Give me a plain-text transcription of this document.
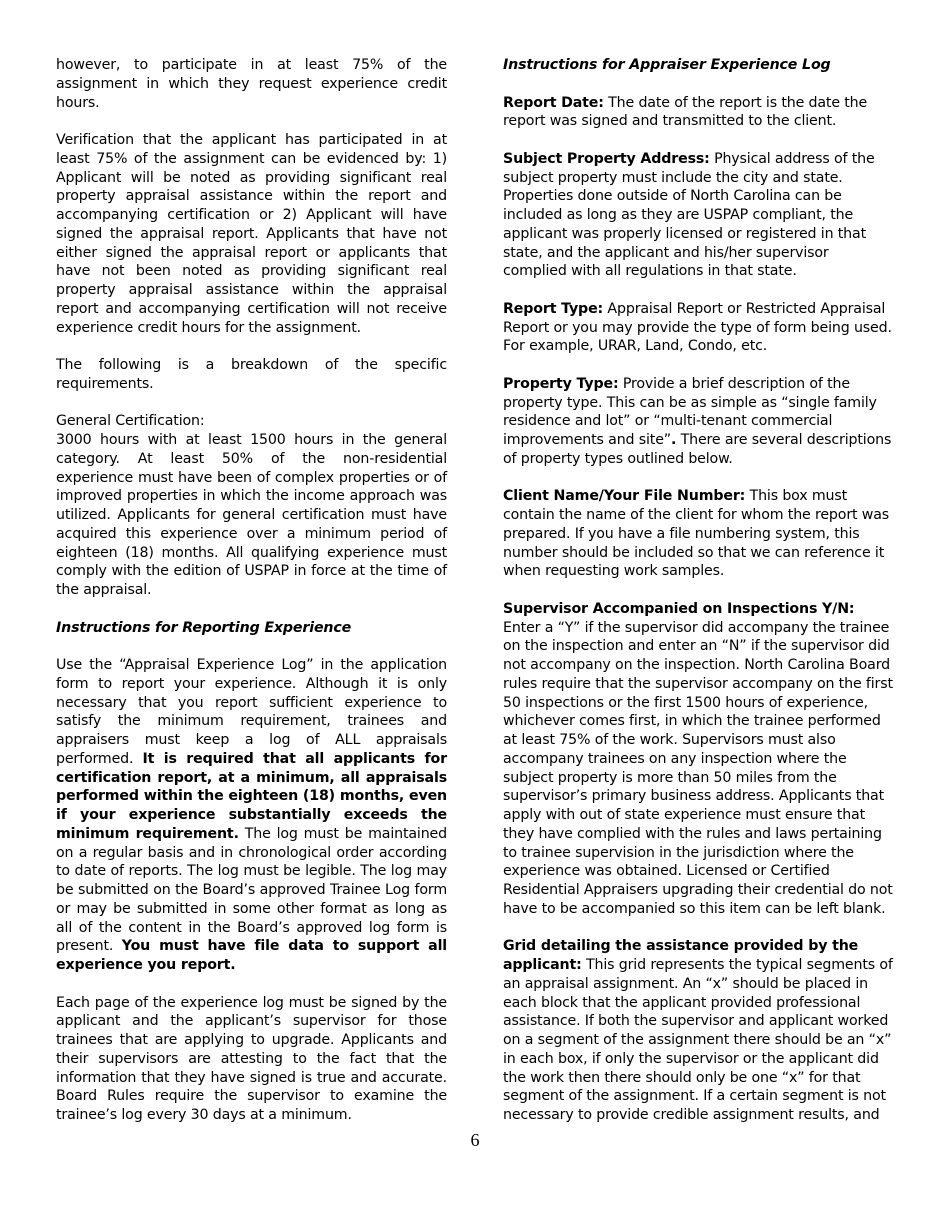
however, to participate in at least 75% of the assignment in which they request experience credit hours.

Verification that the applicant has participated in at least 75% of the assignment can be evidenced by: 1) Applicant will be noted as providing significant real property appraisal assistance within the report and accompanying certification or 2) Applicant will have signed the appraisal report. Applicants that have not either signed the appraisal report or applicants that have not been noted as providing significant real property appraisal assistance within the appraisal report and accompanying certification will not receive experience credit hours for the assignment.

The following is a breakdown of the specific requirements.

General Certification:
3000 hours with at least 1500 hours in the general category. At least 50% of the non-residential experience must have been of complex properties or of improved properties in which the income approach was utilized. Applicants for general certification must have acquired this experience over a minimum period of eighteen (18) months. All qualifying experience must comply with the edition of USPAP in force at the time of the appraisal.

Instructions for Reporting Experience

Use the “Appraisal Experience Log” in the application form to report your experience. Although it is only necessary that you report sufficient experience to satisfy the minimum requirement, trainees and appraisers must keep a log of ALL appraisals performed. It is required that all applicants for certification report, at a minimum, all appraisals performed within the eighteen (18) months, even if your experience substantially exceeds the minimum requirement. The log must be maintained on a regular basis and in chronological order according to date of reports. The log must be legible. The log may be submitted on the Board’s approved Trainee Log form or may be submitted in some other format as long as all of the content in the Board’s approved log form is present. You must have file data to support all experience you report.

Each page of the experience log must be signed by the applicant and the applicant’s supervisor for those trainees that are applying to upgrade. Applicants and their supervisors are attesting to the fact that the information that they have signed is true and accurate. Board Rules require the supervisor to examine the trainee’s log every 30 days at a minimum.

Instructions for Appraiser Experience Log

Report Date: The date of the report is the date the report was signed and transmitted to the client.

Subject Property Address: Physical address of the subject property must include the city and state. Properties done outside of North Carolina can be included as long as they are USPAP compliant, the applicant was properly licensed or registered in that state, and the applicant and his/her supervisor complied with all regulations in that state.

Report Type: Appraisal Report or Restricted Appraisal Report or you may provide the type of form being used. For example, URAR, Land, Condo, etc.

Property Type: Provide a brief description of the property type. This can be as simple as “single family residence and lot” or “multi-tenant commercial improvements and site”. There are several descriptions of property types outlined below.

Client Name/Your File Number: This box must contain the name of the client for whom the report was prepared. If you have a file numbering system, this number should be included so that we can reference it when requesting work samples.

Supervisor Accompanied on Inspections Y/N:
Enter a “Y” if the supervisor did accompany the trainee on the inspection and enter an “N” if the supervisor did not accompany on the inspection. North Carolina Board rules require that the supervisor accompany on the first 50 inspections or the first 1500 hours of experience, whichever comes first, in which the trainee performed at least 75% of the work. Supervisors must also accompany trainees on any inspection where the subject property is more than 50 miles from the supervisor’s primary business address. Applicants that apply with out of state experience must ensure that they have complied with the rules and laws pertaining to trainee supervision in the jurisdiction where the experience was obtained. Licensed or Certified Residential Appraisers upgrading their credential do not have to be accompanied so this item can be left blank.

Grid detailing the assistance provided by the applicant: This grid represents the typical segments of an appraisal assignment. An “x” should be placed in each block that the applicant provided professional assistance. If both the supervisor and applicant worked on a segment of the assignment there should be an “x” in each box, if only the supervisor or the applicant did the work then there should only be one “x” for that segment of the assignment. If a certain segment is not necessary to provide credible assignment results, and

6
